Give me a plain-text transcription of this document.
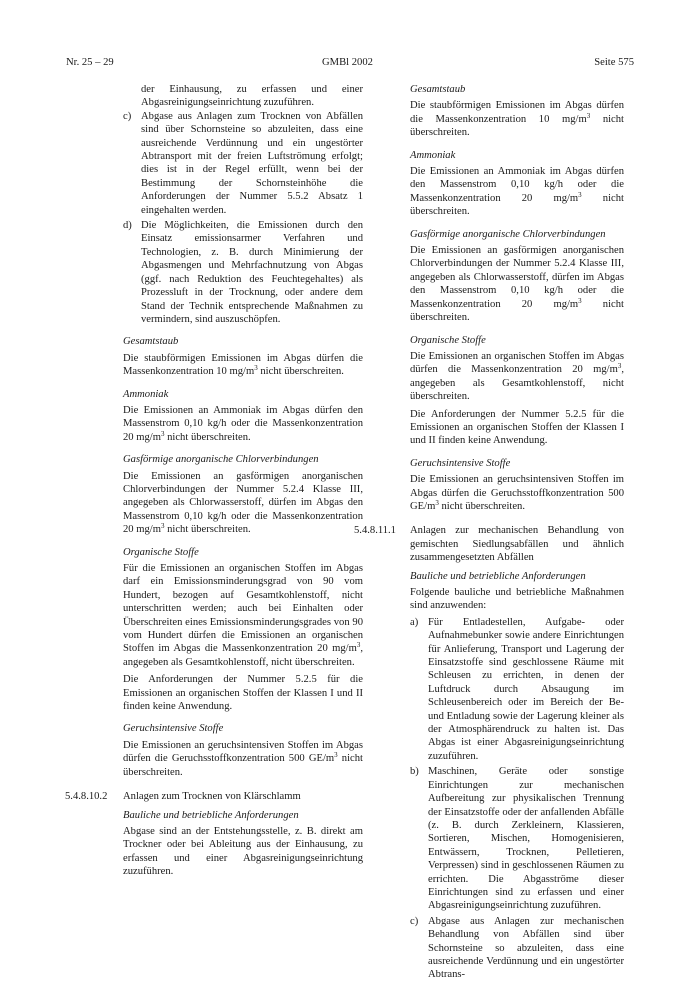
Nr. 25 – 29	GMBl 2002	Seite 575

der Einhausung, zu erfassen und einer Abgasreinigungseinrichtung zuzuführen.

c) Abgase aus Anlagen zum Trocknen von Abfällen sind über Schornsteine so abzuleiten, dass eine ausreichende Verdünnung und ein ungestörter Abtransport mit der freien Luftströmung erfolgt; dies ist in der Regel erfüllt, wenn bei der Bestimmung der Schornsteinhöhe die Anforderungen der Nummer 5.5.2 Absatz 1 eingehalten werden.
d) Die Möglichkeiten, die Emissionen durch den Einsatz emissionsarmer Verfahren und Technologien, z. B. durch Minimierung der Abgasmengen und Mehrfachnutzung von Abgas (ggf. nach Reduktion des Feuchtegehaltes) als Prozessluft in der Trocknung, oder andere dem Stand der Technik entsprechende Maßnahmen zu vermindern, sind auszuschöpfen.

Gesamtstaub

Die staubförmigen Emissionen im Abgas dürfen die Massenkonzentration 10 $mg/m^3$ nicht überschreiten.

Ammoniak

Die Emissionen an Ammoniak im Abgas dürfen den Massenstrom 0,10 kg/h oder die Massenkonzentration 20 $mg/m^3$ nicht überschreiten.

Gasförmige anorganische Chlorverbindungen

Die Emissionen an gasförmigen anorganischen Chlorverbindungen der Nummer 5.2.4 Klasse III, angegeben als Chlorwasserstoff, dürfen im Abgas den Massenstrom 0,10 kg/h oder die Massenkonzentration 20 $mg/m^3$ nicht überschreiten.

Organische Stoffe

Für die Emissionen an organischen Stoffen im Abgas darf ein Emissionsminderungsgrad von 90 vom Hundert, bezogen auf Gesamtkohlenstoff, nicht unterschritten werden; auch bei Einhalten oder Überschreiten eines Emissionsminderungsgrades von 90 vom Hundert dürfen die Emissionen an organischen Stoffen im Abgas die Massenkonzentration 20 $mg/m^3$, angegeben als Gesamtkohlenstoff, nicht überschreiten.

Die Anforderungen der Nummer 5.2.5 für die Emissionen an organischen Stoffen der Klassen I und II finden keine Anwendung.

Geruchsintensive Stoffe

Die Emissionen an geruchsintensiven Stoffen im Abgas dürfen die Geruchsstoffkonzentration 500 $GE/m^3$ nicht überschreiten.

5.4.8.10.2	Anlagen zum Trocknen von Klärschlamm

Bauliche und betriebliche Anforderungen

Abgase sind an der Entstehungsstelle, z. B. direkt am Trockner oder bei Ableitung aus der Einhausung, zu erfassen und einer Abgasreinigungseinrichtung zuzuführen.

Gesamtstaub

Die staubförmigen Emissionen im Abgas dürfen die Massenkonzentration 10 $mg/m^3$ nicht überschreiten.

Ammoniak

Die Emissionen an Ammoniak im Abgas dürfen den Massenstrom 0,10 kg/h oder die Massenkonzentration 20 $mg/m^3$ nicht überschreiten.

Gasförmige anorganische Chlorverbindungen

Die Emissionen an gasförmigen anorganischen Chlorverbindungen der Nummer 5.2.4 Klasse III, angegeben als Chlorwasserstoff, dürfen im Abgas den Massenstrom 0,10 kg/h oder die Massenkonzentration 20 $mg/m^3$ nicht überschreiten.

Organische Stoffe

Die Emissionen an organischen Stoffen im Abgas dürfen die Massenkonzentration 20 $mg/m^3$, angegeben als Gesamtkohlenstoff, nicht überschreiten.

Die Anforderungen der Nummer 5.2.5 für die Emissionen an organischen Stoffen der Klassen I und II finden keine Anwendung.

Geruchsintensive Stoffe

Die Emissionen an geruchsintensiven Stoffen im Abgas dürfen die Geruchsstoffkonzentration 500 $GE/m^3$ nicht überschreiten.

5.4.8.11.1	Anlagen zur mechanischen Behandlung von gemischten Siedlungsabfällen und ähnlich zusammengesetzten Abfällen

Bauliche und betriebliche Anforderungen

Folgende bauliche und betriebliche Maßnahmen sind anzuwenden:

a) Für Entladestellen, Aufgabe- oder Aufnahmebunker sowie andere Einrichtungen für Anlieferung, Transport und Lagerung der Einsatzstoffe sind geschlossene Räume mit Schleusen zu errichten, in denen der Luftdruck durch Absaugung im Schleusenbereich oder im Bereich der Be- und Entladung sowie der Lagerung kleiner als der Atmosphärendruck zu halten ist. Das Abgas ist einer Abgasreinigungseinrichtung zuzuführen.
b) Maschinen, Geräte oder sonstige Einrichtungen zur mechanischen Aufbereitung zur physikalischen Trennung der Einsatzstoffe oder der anfallenden Abfälle (z. B. durch Zerkleinern, Klassieren, Sortieren, Mischen, Homogenisieren, Entwässern, Trocknen, Pelletieren, Verpressen) sind in geschlossenen Räumen zu errichten. Die Abgasströme dieser Einrichtungen sind zu erfassen und einer Abgasreinigungseinrichtung zuzuführen.
c) Abgase aus Anlagen zur mechanischen Behandlung von Abfällen sind über Schornsteine so abzuleiten, dass eine ausreichende Verdünnung und ein ungestörter Abtrans-
